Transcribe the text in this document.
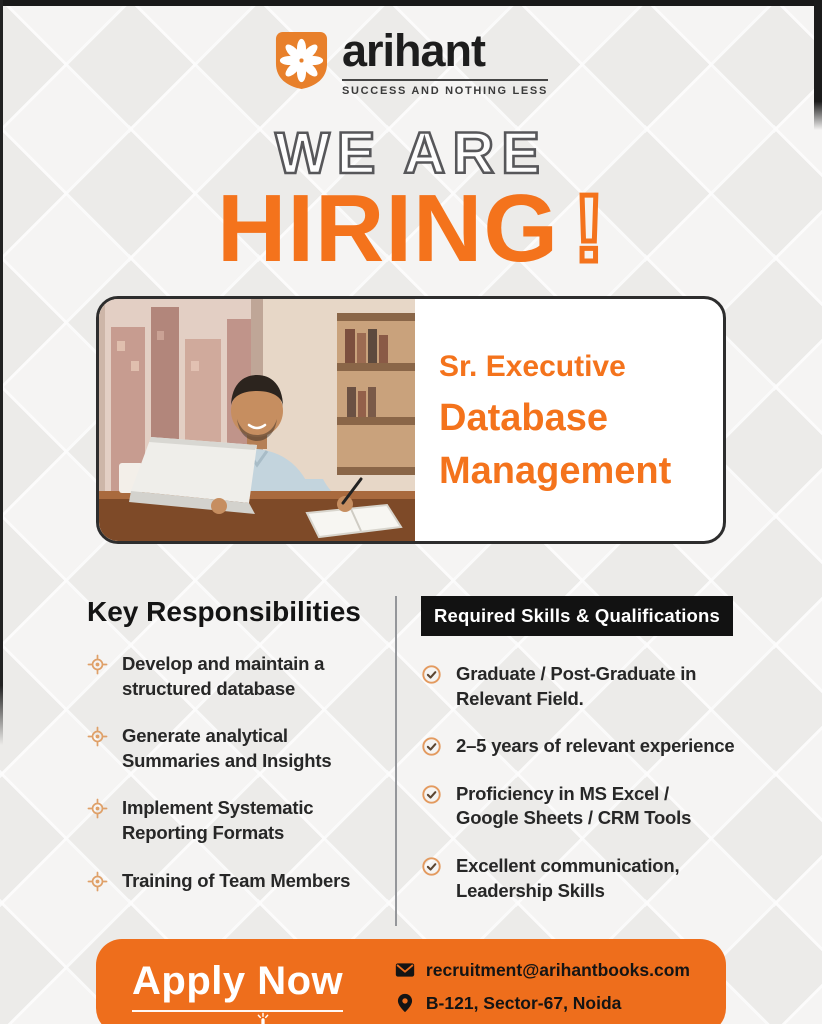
arihant
SUCCESS AND NOTHING LESS
WE ARE
HIRING !
Sr. Executive
Database
Management
Key Responsibilities
Develop and maintain a structured database
Generate analytical Summaries and Insights
Implement Systematic Reporting Formats
Training of Team Members
Required Skills & Qualifications
Graduate / Post-Graduate in Relevant Field.
2–5 years of relevant experience
Proficiency in MS Excel / Google Sheets / CRM Tools
Excellent communication, Leadership Skills
Apply Now	recruitment@arihantbooks.com
B-121, Sector-67, Noida
